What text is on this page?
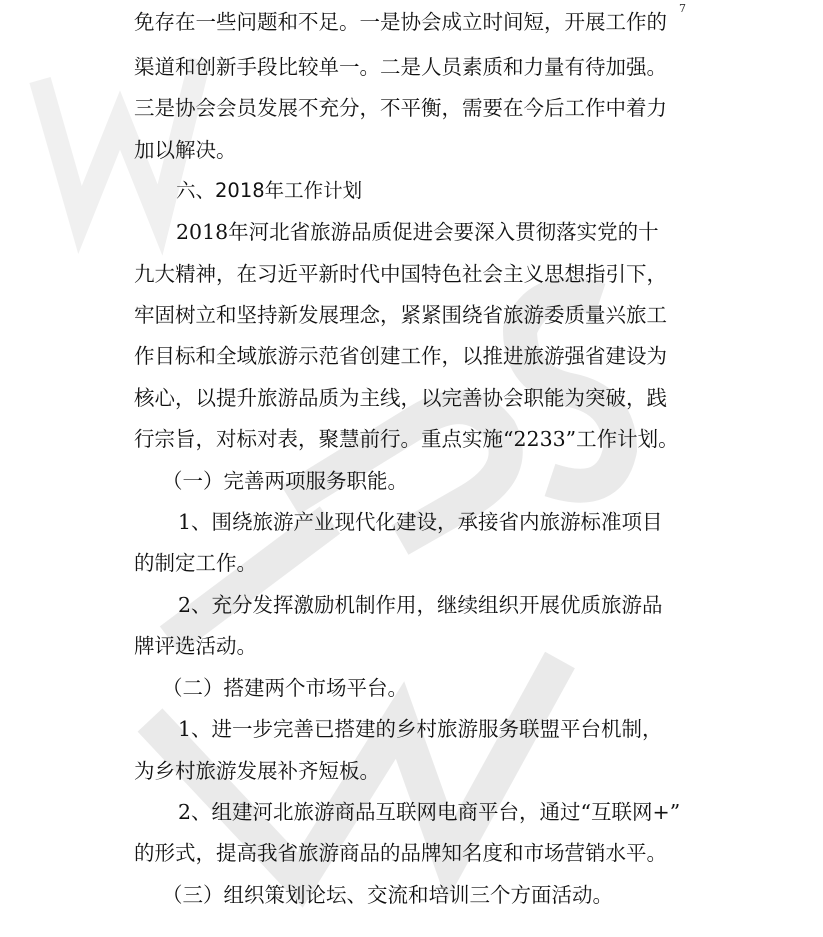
7
免存在一些问题和不足。一是协会成立时间短，开展工作的
渠道和创新手段比较单一。二是人员素质和力量有待加强。
三是协会会员发展不充分，不平衡，需要在今后工作中着力
加以解决。
六、2018年工作计划
2018年河北省旅游品质促进会要深入贯彻落实党的十
九大精神，在习近平新时代中国特色社会主义思想指引下，
牢固树立和坚持新发展理念，紧紧围绕省旅游委质量兴旅工
作目标和全域旅游示范省创建工作，以推进旅游强省建设为
核心，以提升旅游品质为主线，以完善协会职能为突破，践
行宗旨，对标对表，聚慧前行。重点实施“2233”工作计划。
（一）完善两项服务职能。
1、围绕旅游产业现代化建设，承接省内旅游标准项目
的制定工作。
2、充分发挥激励机制作用，继续组织开展优质旅游品
牌评选活动。
（二）搭建两个市场平台。
1、进一步完善已搭建的乡村旅游服务联盟平台机制，
为乡村旅游发展补齐短板。
2、组建河北旅游商品互联网电商平台，通过“互联网+”
的形式，提高我省旅游商品的品牌知名度和市场营销水平。
（三）组织策划论坛、交流和培训三个方面活动。
